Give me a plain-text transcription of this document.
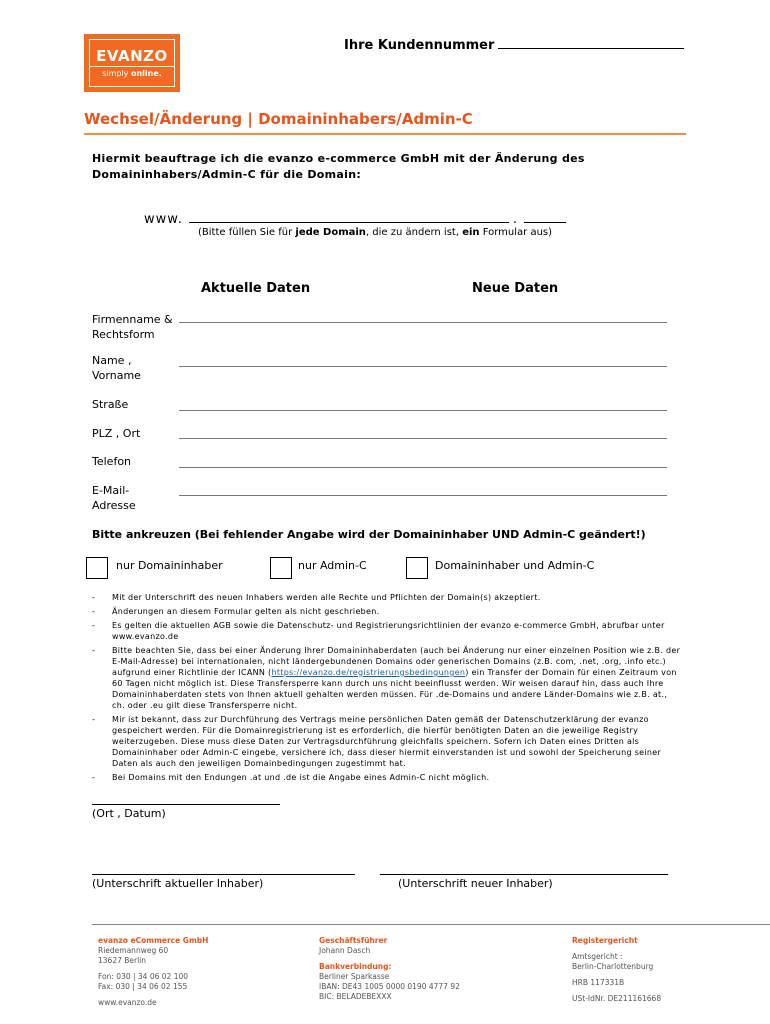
EVANZO
simply online.
Ihre Kundennummer
Wechsel/Änderung | Domaininhabers/Admin-C
Hiermit beauftrage ich die evanzo e-commerce GmbH mit der Änderung des Domaininhabers/Admin-C für die Domain:
www.	.
(Bitte füllen Sie für jede Domain, die zu ändern ist, ein Formular aus)
Aktuelle Daten	Neue Daten
Firmenname &
Rechtsform
Name ,
Vorname
Straße
PLZ , Ort
Telefon
E-Mail-
Adresse
Bitte ankreuzen (Bei fehlender Angabe wird der Domaininhaber UND Admin-C geändert!)
nur Domaininhaber	nur Admin-C	Domaininhaber und Admin-C
-	Mit der Unterschrift des neuen Inhabers werden alle Rechte und Pflichten der Domain(s) akzeptiert.
-	Änderungen an diesem Formular gelten als nicht geschrieben.
-	Es gelten die aktuellen AGB sowie die Datenschutz- und Registrierungsrichtlinien der evanzo e-commerce GmbH, abrufbar unter www.evanzo.de
-	Bitte beachten Sie, dass bei einer Änderung Ihrer Domaininhaberdaten (auch bei Änderung nur einer einzelnen Position wie z.B. der E-Mail-Adresse) bei internationalen, nicht ländergebundenen Domains oder generischen Domains (z.B. com, .net, .org, .info etc.) aufgrund einer Richtlinie der ICANN (https://evanzo.de/registrierungsbedingungen) ein Transfer der Domain für einen Zeitraum von 60 Tagen nicht möglich ist. Diese Transfersperre kann durch uns nicht beeinflusst werden. Wir weisen darauf hin, dass auch Ihre Domaininhaberdaten stets von Ihnen aktuell gehalten werden müssen. Für .de-Domains und andere Länder-Domains wie z.B. at., ch. oder .eu gilt diese Transfersperre nicht.
-	Mir ist bekannt, dass zur Durchführung des Vertrags meine persönlichen Daten gemäß der Datenschutzerklärung der evanzo gespeichert werden. Für die Domainregistrierung ist es erforderlich, die hierfür benötigten Daten an die jeweilige Registry weiterzugeben. Diese muss diese Daten zur Vertragsdurchführung gleichfalls speichern. Sofern ich Daten eines Dritten als Domaininhaber oder Admin-C eingebe, versichere ich, dass dieser hiermit einverstanden ist und sowohl der Speicherung seiner Daten als auch den jeweiligen Domainbedingungen zugestimmt hat.
-	Bei Domains mit den Endungen .at und .de ist die Angabe eines Admin-C nicht möglich.
(Ort , Datum)
(Unterschrift aktueller Inhaber)	(Unterschrift neuer Inhaber)
evanzo eCommerce GmbH
Riedemannweg 60
13627 Berlin
Fon: 030 | 34 06 02 100
Fax: 030 | 34 06 02 155
www.evanzo.de
Geschäftsführer
Johann Dasch
Bankverbindung:
Berliner Sparkasse
IBAN: DE43 1005 0000 0190 4777 92
BIC: BELADEBEXXX
Registergericht
Amtsgericht :
Berlin-Charlottenburg
HRB 117331B
USt-IdNr. DE211161668
